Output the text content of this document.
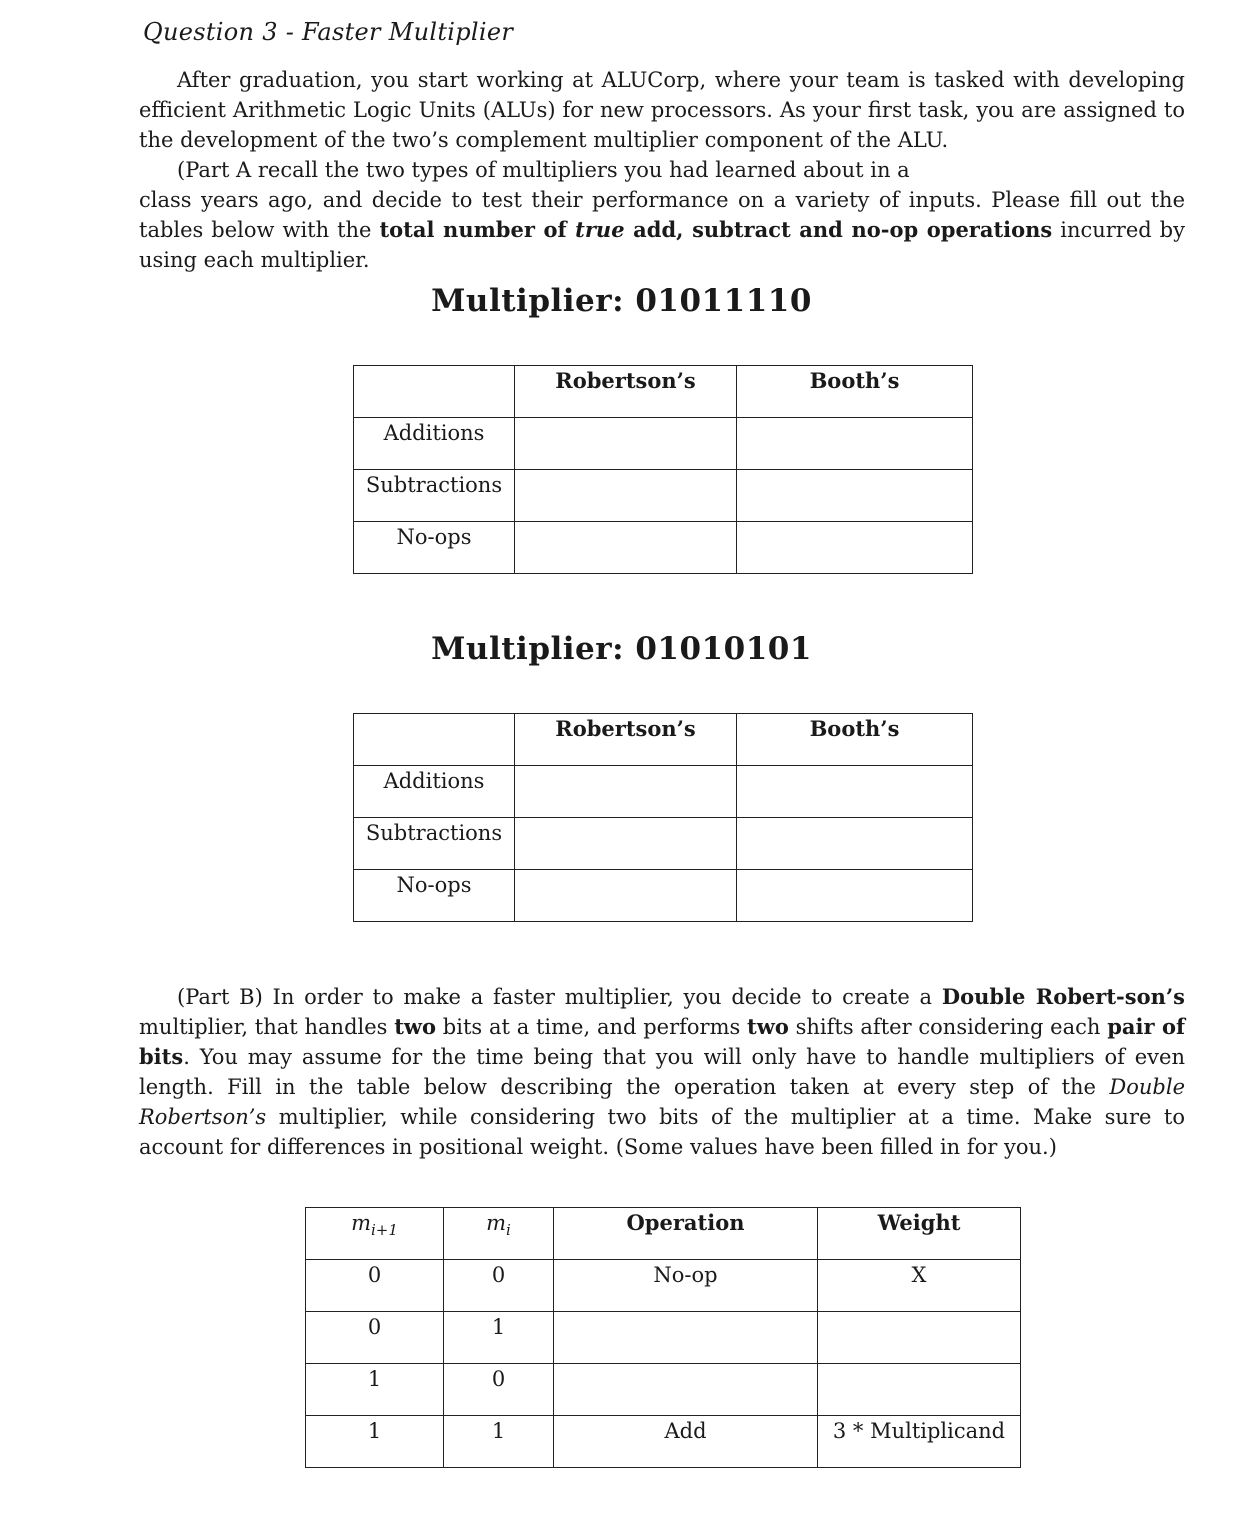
Question 3 - Faster Multiplier
After graduation, you start working at ALUCorp, where your team is tasked with developing efficient Arithmetic Logic Units (ALUs) for new processors. As your first task, you are assigned to the development of the two’s complement multiplier component of the ALU.
(Part A recall the two types of multipliers you had learned about in a
class years ago, and decide to test their performance on a variety of inputs. Please fill out the tables below with the total number of true add, subtract and no-op operations incurred by using each multiplier.
Multiplier: 01011110

	Robertson’s	Booth’s

Additions		

Subtractions		

No-ops		

Multiplier: 01010101

	Robertson’s	Booth’s

Additions		

Subtractions		

No-ops		

(Part B) In order to make a faster multiplier, you decide to create a Double Robert-son’s multiplier, that handles two bits at a time, and performs two shifts after considering each pair of bits. You may assume for the time being that you will only have to handle multipliers of even length. Fill in the table below describing the operation taken at every step of the Double Robertson’s multiplier, while considering two bits of the multiplier at a time. Make sure to account for differences in positional weight. (Some values have been filled in for you.)
$m_{i+1}$	$m_i$	Operation	Weight

0	0	No-op	X

0	1		

1	0		

1	1	Add	3 * Multiplicand
